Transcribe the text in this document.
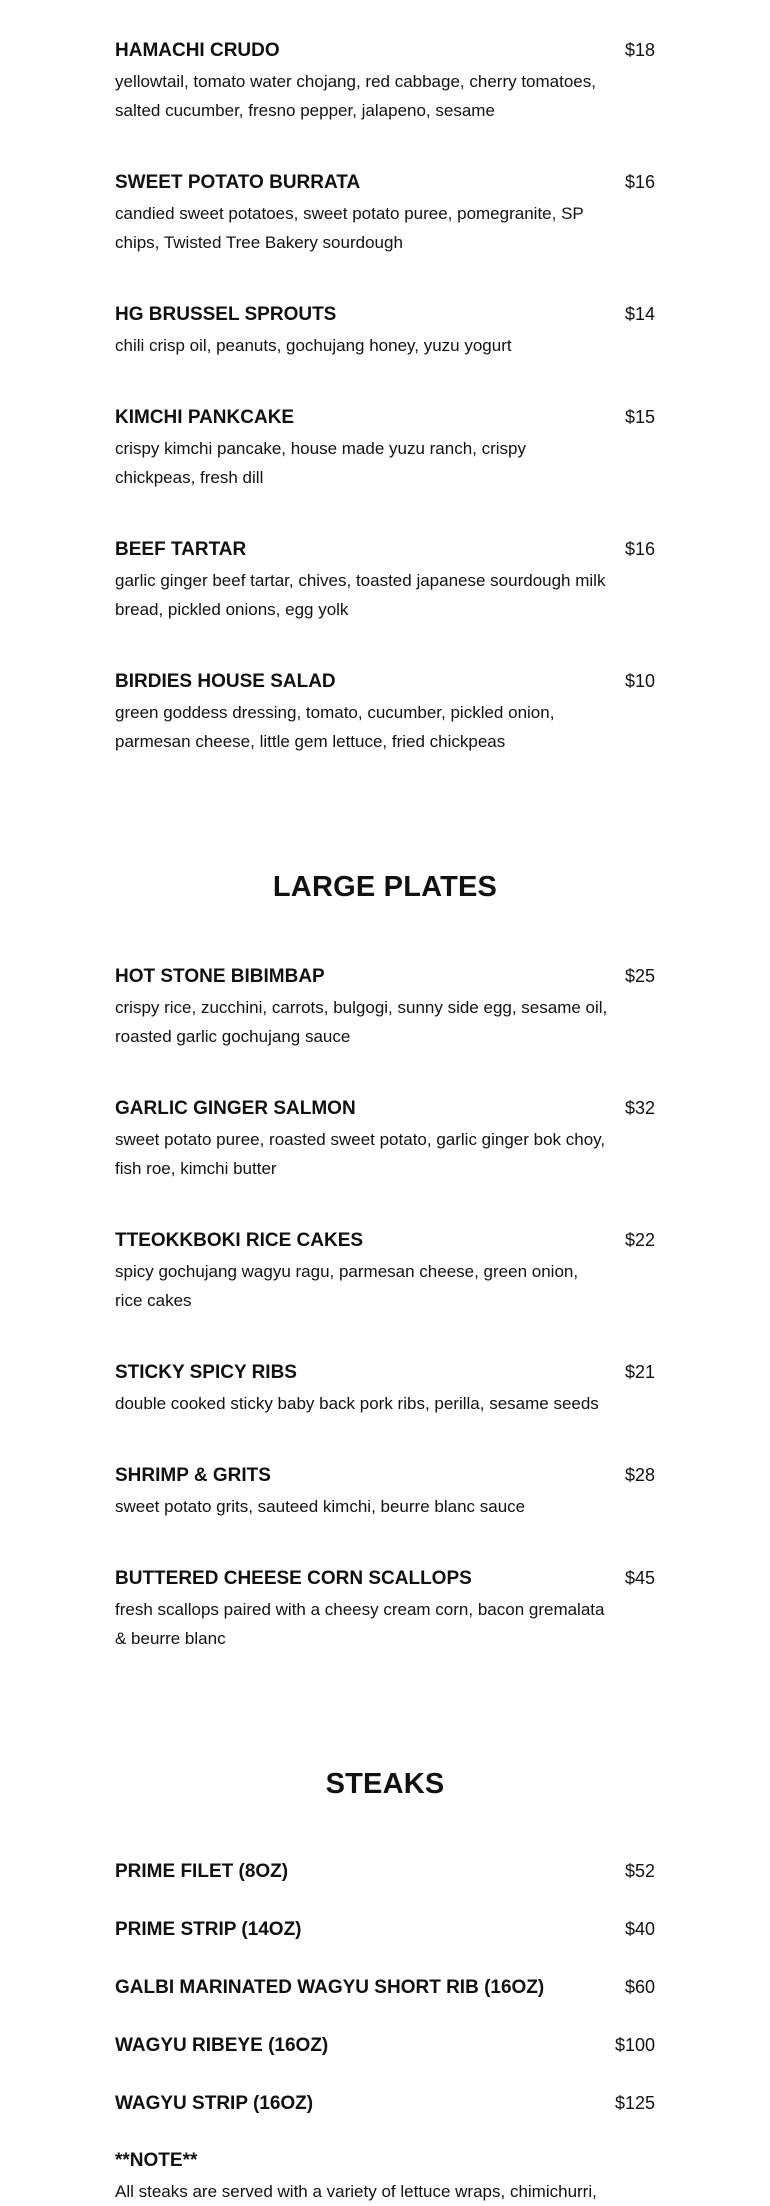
HAMACHI CRUDO	$18
yellowtail, tomato water chojang, red cabbage, cherry tomatoes, salted cucumber, fresno pepper, jalapeno, sesame
SWEET POTATO BURRATA	$16
candied sweet potatoes, sweet potato puree, pomegranite, SP chips, Twisted Tree Bakery sourdough
HG BRUSSEL SPROUTS	$14
chili crisp oil, peanuts, gochujang honey, yuzu yogurt
KIMCHI PANKCAKE	$15
crispy kimchi pancake, house made yuzu ranch, crispy chickpeas, fresh dill
BEEF TARTAR	$16
garlic ginger beef tartar, chives, toasted japanese sourdough milk bread, pickled onions, egg yolk
BIRDIES HOUSE SALAD	$10
green goddess dressing, tomato, cucumber, pickled onion, parmesan cheese, little gem lettuce, fried chickpeas
LARGE PLATES
HOT STONE BIBIMBAP	$25
crispy rice, zucchini, carrots, bulgogi, sunny side egg, sesame oil, roasted garlic gochujang sauce
GARLIC GINGER SALMON	$32
sweet potato puree, roasted sweet potato, garlic ginger bok choy, fish roe, kimchi butter
TTEOKKBOKI RICE CAKES	$22
spicy gochujang wagyu ragu, parmesan cheese, green onion, rice cakes
STICKY SPICY RIBS	$21
double cooked sticky baby back pork ribs, perilla, sesame seeds
SHRIMP & GRITS	$28
sweet potato grits, sauteed kimchi, beurre blanc sauce
BUTTERED CHEESE CORN SCALLOPS	$45
fresh scallops paired with a cheesy cream corn, bacon gremalata & beurre blanc
STEAKS
PRIME FILET (8OZ)	$52
PRIME STRIP (14OZ)	$40
GALBI MARINATED WAGYU SHORT RIB (16OZ)	$60
WAGYU RIBEYE (16OZ)	$100
WAGYU STRIP (16OZ)	$125
**NOTE**
All steaks are served with a variety of lettuce wraps, chimichurri,
